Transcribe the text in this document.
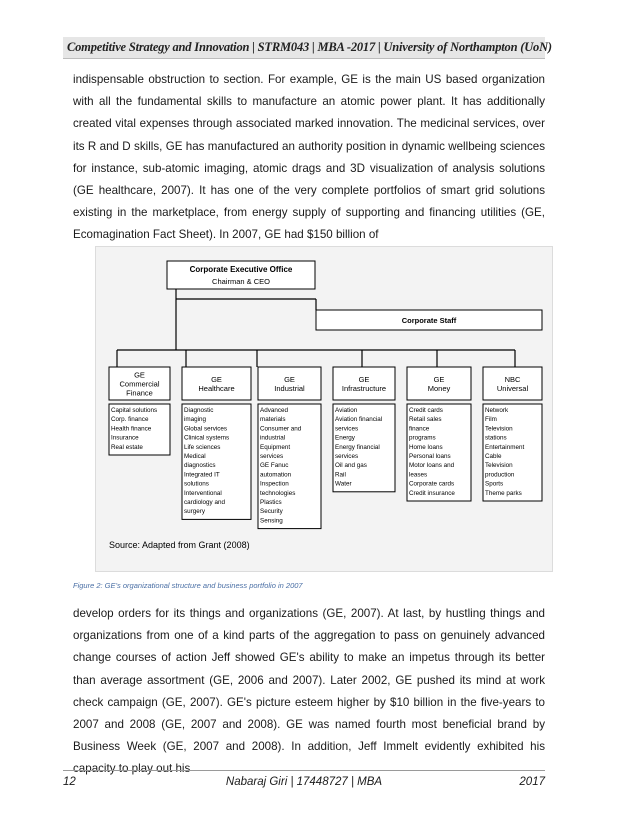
Competitive Strategy and Innovation | STRM043 | MBA -2017 | University of Northampton (UoN)

indispensable obstruction to section. For example, GE is the main US based organization with all the fundamental skills to manufacture an atomic power plant. It has additionally created vital expenses through associated marked innovation. The medicinal services, over its R and D skills, GE has manufactured an authority position in dynamic wellbeing sciences for instance, sub-atomic imaging, atomic drags and 3D visualization of analysis solutions (GE healthcare, 2007). It has one of the very complete portfolios of smart grid solutions existing in the marketplace, from energy supply of supporting and financing utilities (GE, Ecomagination Fact Sheet). In 2007, GE had $150 billion of

Corporate Executive Office
Chairman & CEO
Corporate Staff
GE
Commercial
Finance
Capital solutions
Corp. finance
Health finance
Insurance
Real estate
GE
Healthcare
Diagnostic
imaging
Global services
Clinical systems
Life sciences
Medical
diagnostics
Integrated IT
solutions
Interventional
cardiology and
surgery
GE
Industrial
Advanced
materials
Consumer and
industrial
Equipment
services
GE Fanuc
automation
Inspection
technologies
Plastics
Security
Sensing
GE
Infrastructure
Aviation
Aviation financial
services
Energy
Energy financial
services
Oil and gas
Rail
Water
GE
Money
Credit cards
Retail sales
finance
programs
Home loans
Personal loans
Motor loans and
leases
Corporate cards
Credit insurance
NBC
Universal
Network
Film
Television
stations
Entertainment
Cable
Television
production
Sports
Theme parks
Source: Adapted from Grant (2008)
Figure 2: GE’s organizational structure and business portfolio in 2007

develop orders for its things and organizations (GE, 2007). At last, by hustling things and organizations from one of a kind parts of the aggregation to pass on genuinely advanced change courses of action Jeff showed GE's ability to make an impetus through its better than average assortment (GE, 2006 and 2007). Later 2002, GE pushed its mind at work check campaign (GE, 2007). GE's picture esteem higher by $10 billion in the five-years to 2007 and 2008 (GE, 2007 and 2008). GE was named fourth most beneficial brand by Business Week (GE, 2007 and 2008). In addition, Jeff Immelt evidently exhibited his capacity to play out his

12	Nabaraj Giri | 17448727 | MBA	2017
